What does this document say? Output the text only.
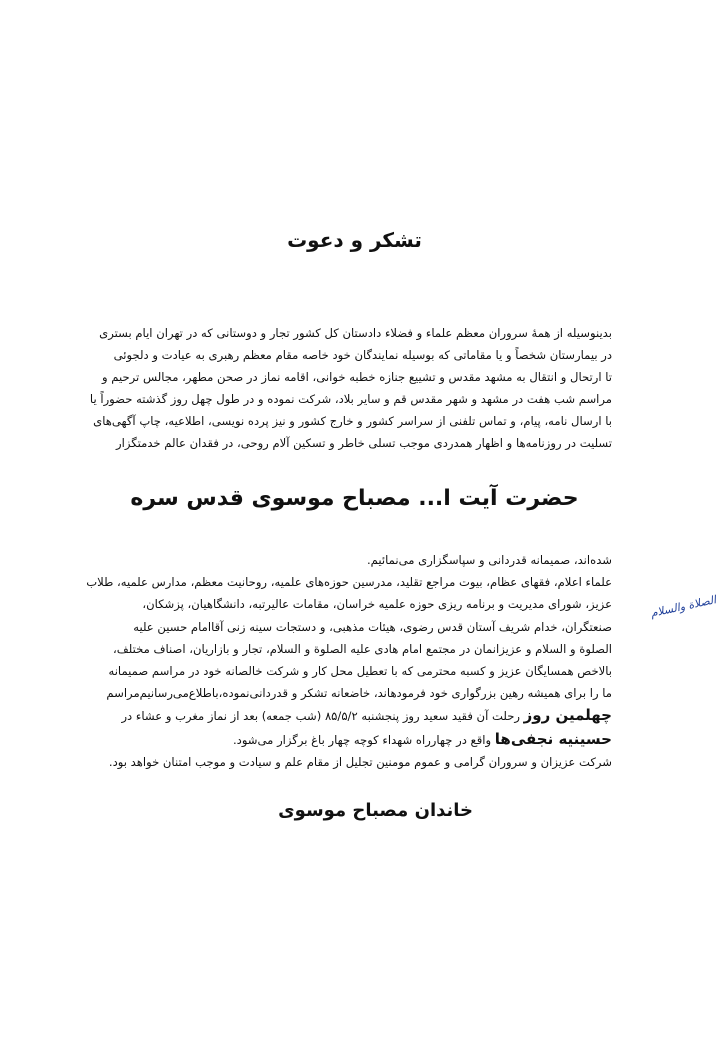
تشکر و دعوت
بدینوسیله از همهٔ سروران معظم علماء و فضلاء دادستان کل کشور تجار و دوستانی که در تهران ایام بستری
در بیمارستان شخصاً و یا مقاماتی که بوسیله نمایندگان خود خاصه مقام معظم رهبری به عیادت و دلجوئی
تا ارتحال و انتقال به مشهد مقدس و تشییع جنازه خطبه خوانی، اقامه نماز در صحن مطهر، مجالس ترحیم و
مراسم شب هفت در مشهد و شهر مقدس قم و سایر بلاد، شرکت نموده و در طول چهل روز گذشته حضوراً یا
با ارسال نامه، پیام، و تماس تلفنی از سراسر کشور و خارج کشور و نیز پرده نویسی، اطلاعیه، چاپ آگهی‌های
تسلیت در روزنامه‌ها و اظهار همدردی موجب تسلی خاطر و تسکین آلام روحی، در فقدان عالم خدمتگزار
حضرت آیت ا... مصباح موسوی قدس سره
شده‌اند، صمیمانه قدردانی و سپاسگزاری می‌نمائیم.
علماء اعلام، فقهای عظام، بیوت مراجع تقلید، مدرسین حوزه‌های علمیه، روحانیت معظم، مدارس علمیه، طلاب
عزیز، شورای مدیریت و برنامه ریزی حوزه علمیه خراسان، مقامات عالیرتبه، دانشگاهیان، پزشکان،
صنعتگران، خدام شریف آستان قدس رضوی، هیئات مذهبی، و دستجات سینه زنی آقاامام حسین علیه
الصلوة و السلام و عزیزانمان در مجتمع امام هادی علیه الصلوة و السلام، تجار و بازاریان، اصناف مختلف،
بالاخص همسایگان عزیز و کسبه محترمی که با تعطیل محل کار و شرکت خالصانه خود در مراسم صمیمانه
ما را برای همیشه رهین بزرگواری خود فرمودهاند، خاضعانه تشکر و قدردانی‌نموده،باطلاع‌می‌رسانیم‌مراسم
چهلمین روز رحلت آن فقید سعید روز پنجشنبه ۸۵/۵/۲ (شب جمعه) بعد از نماز مغرب و عشاء در
حسینیه نجفی‌ها واقع در چهارراه شهداء کوچه چهار باغ برگزار می‌شود.
شرکت عزیزان و سروران گرامی و عموم مومنین تجلیل از مقام علم و سیادت و موجب امتنان خواهد بود.
الصلاة والسلام
خاندان مصباح موسوی
